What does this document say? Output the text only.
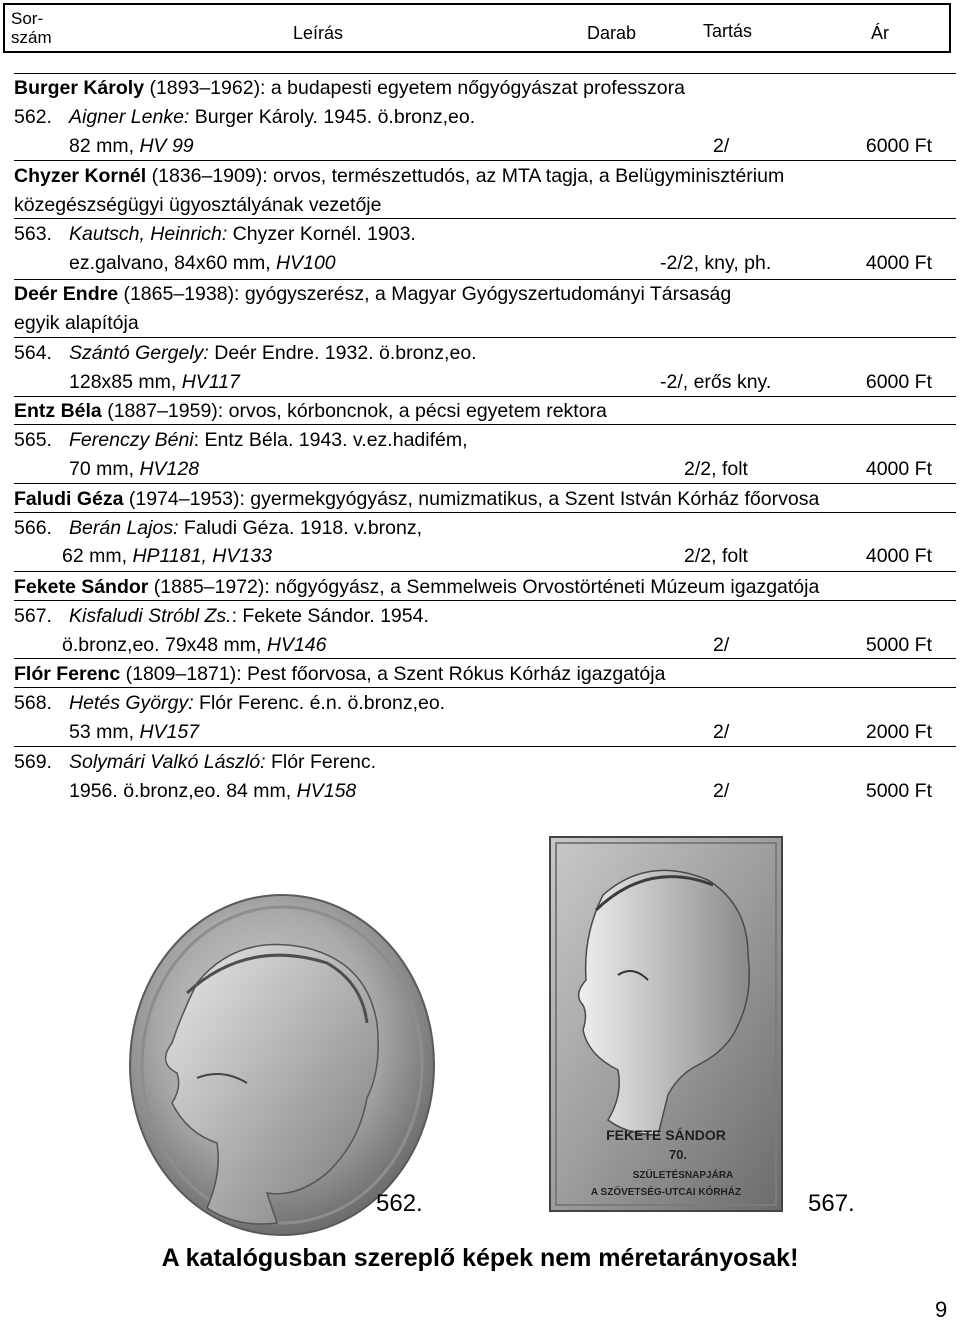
Sor-
szám	Leírás	Darab	Tartás	Ár
Burger Károly (1893–1962): a budapesti egyetem nőgyógyászat professzora
562. Aigner Lenke: Burger Károly. 1945. ö.bronz,eo.
82 mm, HV 99	2/	6000 Ft
Chyzer Kornél (1836–1909): orvos, természettudós, az MTA tagja, a Belügyminisztérium
közegészségügyi ügyosztályának vezetője
563. Kautsch, Heinrich: Chyzer Kornél. 1903.
ez.galvano, 84x60 mm, HV100	-2/2, kny, ph.	4000 Ft
Deér Endre (1865–1938): gyógyszerész, a Magyar Gyógyszertudományi Társaság
egyik alapítója
564. Szántó Gergely: Deér Endre. 1932. ö.bronz,eo.
128x85 mm, HV117	-2/, erős kny.	6000 Ft
Entz Béla (1887–1959): orvos, kórboncnok, a pécsi egyetem rektora
565. Ferenczy Béni: Entz Béla. 1943. v.ez.hadifém,
70 mm, HV128	2/2, folt	4000 Ft
Faludi Géza (1974–1953): gyermekgyógyász, numizmatikus, a Szent István Kórház főorvosa
566. Berán Lajos: Faludi Géza. 1918. v.bronz,
62 mm, HP1181, HV133	2/2, folt	4000 Ft
Fekete Sándor (1885–1972): nőgyógyász, a Semmelweis Orvostörténeti Múzeum igazgatója
567. Kisfaludi Stróbl Zs.: Fekete Sándor. 1954.
ö.bronz,eo. 79x48 mm, HV146	2/	5000 Ft
Flór Ferenc (1809–1871): Pest főorvosa, a Szent Rókus Kórház igazgatója
568. Hetés György: Flór Ferenc. é.n. ö.bronz,eo.
53 mm, HV157	2/	2000 Ft
569. Solymári Valkó László: Flór Ferenc.
1956. ö.bronz,eo. 84 mm, HV158	2/	5000 Ft
562.
FEKETE SÁNDOR
70.
SZÜLETÉSNAPJÁRA
A SZÖVETSÉG-UTCAI KÓRHÁZ	567.
A katalógusban szereplő képek nem méretarányosak!
9
